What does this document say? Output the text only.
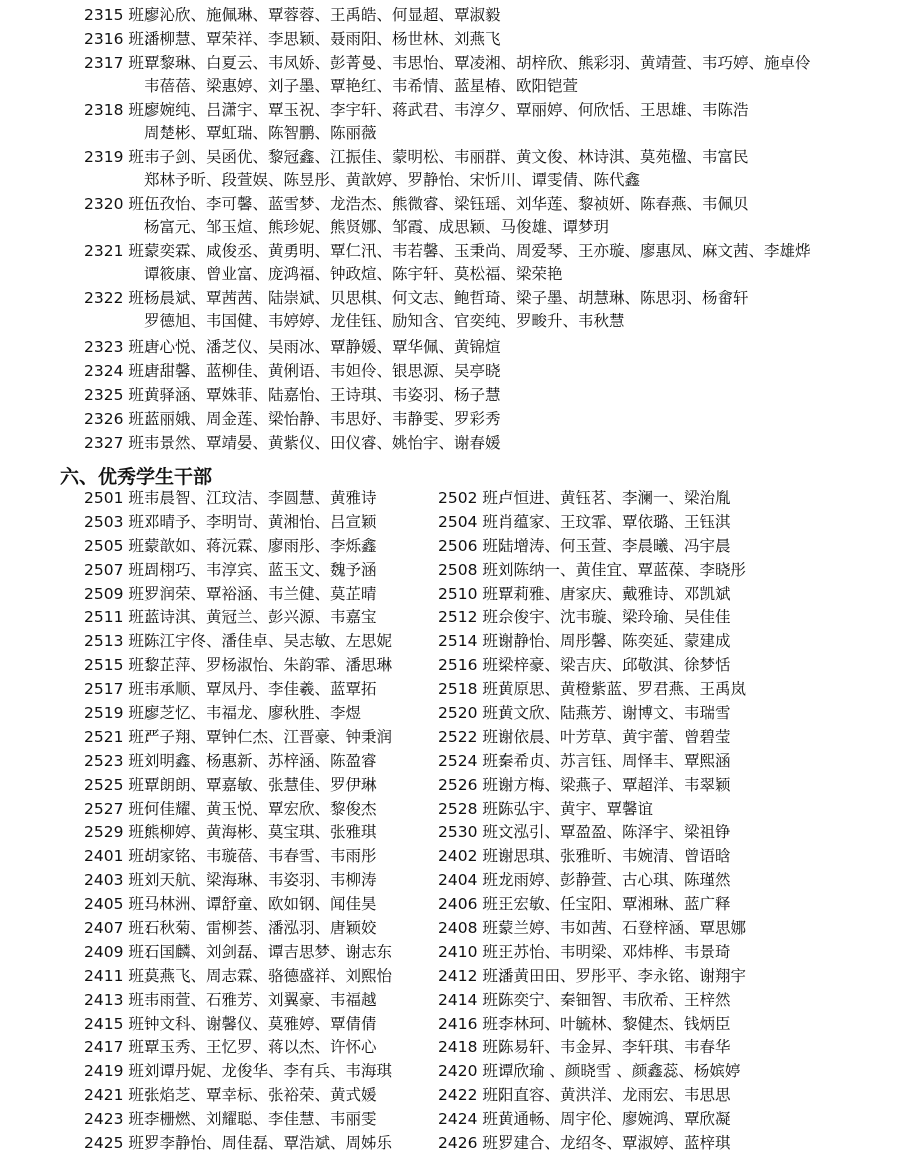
2315 班：廖沁欣、施佩琳、覃蓉蓉、王禹皓、何显超、覃淑毅
2316 班：潘柳慧、覃荣祥、李思颖、聂雨阳、杨世林、刘燕飞
2317 班：覃黎琳、白夏云、韦凤娇、彭菁曼、韦思怡、覃凌湘、胡梓欣、熊彩羽、黄靖萱、韦巧婷、施卓伶
韦蓓蓓、梁惠婷、刘子墨、覃艳红、韦希情、蓝星椿、欧阳铠萱
2318 班：廖婉纯、吕潇宇、覃玉祝、李宇轩、蒋武君、韦淳夕、覃丽婷、何欣恬、王思雄、韦陈浩
周楚彬、覃虹瑞、陈智鹏、陈丽薇
2319 班：韦子剑、吴函优、黎冠鑫、江振佳、蒙明松、韦丽群、黄文俊、林诗淇、莫苑楹、韦富民
郑林予昕、段萱娱、陈昱彤、黄歆婷、罗静怡、宋忻川、谭雯倩、陈代鑫
2320 班：伍孜怡、李可馨、蓝雪梦、龙浩杰、熊微睿、梁钰瑶、刘华莲、黎祯妍、陈春燕、韦佩贝
杨富元、邹玉煊、熊珍妮、熊贤娜、邹霞、成思颖、马俊雄、谭梦玥
2321 班：蒙奕霖、咸俊丞、黄勇明、覃仁汛、韦若馨、玉秉尚、周爱琴、王亦璇、廖惠凤、麻文茜、李雄烨
谭筱康、曾业富、庞鸿福、钟政煊、陈宇轩、莫松福、梁荣艳
2322 班：杨晨斌、覃茜茜、陆崇斌、贝思棋、何文志、鲍哲琦、梁子墨、胡慧琳、陈思羽、杨畲轩
罗德旭、韦国健、韦婷婷、龙佳钰、励知含、官奕纯、罗畯升、韦秋慧
2323 班：唐心悦、潘芝仪、吴雨冰、覃静媛、覃华佩、黄锦煊
2324 班：唐甜馨、蓝柳佳、黄俐语、韦妲伶、银思源、吴亭晓
2325 班：黄驿涵、覃姝菲、陆嘉怡、王诗琪、韦姿羽、杨子慧
2326 班：蓝丽娥、周金莲、梁怡静、韦思妤、韦静雯、罗彩秀
2327 班：韦景然、覃靖晏、黄紫仪、田仪睿、姚怡宇、谢春媛
六、优秀学生干部
2501 班：韦晨智、江玟洁、李圆慧、黄雅诗	2502 班：卢恒进、黄钰茗、李澜一、梁治胤
2503 班：邓晴予、李明岢、黄湘怡、吕宣颖	2504 班：肖蕴家、王玟霏、覃依璐、王钰淇
2505 班：蒙歆如、蒋沅霖、廖雨彤、李烁鑫	2506 班：陆增涛、何玉萱、李晨曦、冯宇晨
2507 班：周栩巧、韦淳宾、蓝玉文、魏予涵	2508 班：刘陈纳一、黄佳宜、覃蓝葆、李晓彤
2509 班：罗润荣、覃裕涵、韦兰健、莫芷晴	2510 班：覃莉雅、唐家庆、戴雅诗、邓凯斌
2511 班：蓝诗淇、黄冠兰、彭兴源、韦嘉宝	2512 班：佘俊宇、沈韦璇、梁玲瑜、吴佳佳
2513 班：陈江宇佟、潘佳卓、吴志敏、左思妮	2514 班：谢静怡、周彤馨、陈奕延、蒙建成
2515 班：黎芷萍、罗杨淑怡、朱韵霏、潘思琳	2516 班：梁梓豪、梁吉庆、邱敬淇、徐梦恬
2517 班：韦承顺、覃凤丹、李佳羲、蓝覃拓	2518 班：黄原思、黄橙紫蓝、罗君燕、王禹岚
2519 班：廖芝忆、韦福龙、廖秋胜、李煜	2520 班：黄文欣、陆燕芳、谢博文、韦瑞雪
2521 班：严子翔、覃钟仁杰、江晋豪、钟秉润	2522 班：谢依晨、叶芳草、黄宇蕾、曾碧莹
2523 班：刘明鑫、杨惠新、苏梓涵、陈盈睿	2524 班：秦希贞、苏言钰、周怿丰、覃熙涵
2525 班：覃朗朗、覃嘉敏、张慧佳、罗伊琳	2526 班：谢方梅、梁燕子、覃超洋、韦翠颖
2527 班：何佳耀、黄玉悦、覃宏欣、黎俊杰	2528 班：陈弘宇、黄宇、覃馨谊
2529 班：熊柳婷、黄海彬、莫宝琪、张雅琪	2530 班：文泓引、覃盈盈、陈泽宇、梁祖铮
2401 班：胡家铭、韦璇蓓、韦春雪、韦雨彤	2402 班：谢思琪、张雅昕、韦婉清、曾语晗
2403 班：刘天航、梁海琳、韦姿羽、韦柳涛	2404 班：龙雨婷、彭静萱、古心琪、陈瑾然
2405 班：马林洲、谭舒童、欧如钢、闻佳昊	2406 班：王宏敏、任宝阳、覃湘琳、蓝广释
2407 班：石秋菊、雷柳荟、潘泓羽、唐颖姣	2408 班：蒙兰婷、韦如茜、石登梓涵、覃思娜
2409 班：石国麟、刘剑磊、谭吉思梦、谢志东	2410 班：王苏怡、韦明梁、邓炜桦、韦景琦
2411 班：莫燕飞、周志霖、骆德盛祥、刘熙怡	2412 班：潘黄田田、罗彤平、李永铭、谢翔宇
2413 班：韦雨萱、石雅芳、刘翼豪、韦福越	2414 班：陈奕宁、秦钿智、韦欣希、王梓然
2415 班：钟文科、谢馨仪、莫雅婷、覃倩倩	2416 班：李林珂、叶毓林、黎健杰、钱炳臣
2417 班：覃玉秀、王忆罗、蒋以杰、许怀心	2418 班：陈易轩、韦金昇、李轩琪、韦春华
2419 班：刘谭丹妮、龙俊华、李有兵、韦海琪	2420 班：谭欣瑜 、颜晓雪 、颜鑫蕊、杨嫔婷
2421 班：张焰芝、覃幸标、张裕荣、黄式媛	2422 班：阳直容、黄洪洋、龙雨宏、韦思思
2423 班：李栅燃、刘耀聪、李佳慧、韦丽雯	2424 班：黄通畅、周宇伦、廖婉鸿、覃欣凝
2425 班：罗李静怡、周佳磊、覃浩斌、周姊乐	2426 班：罗建合、龙绍冬、覃淑婷、蓝梓琪
